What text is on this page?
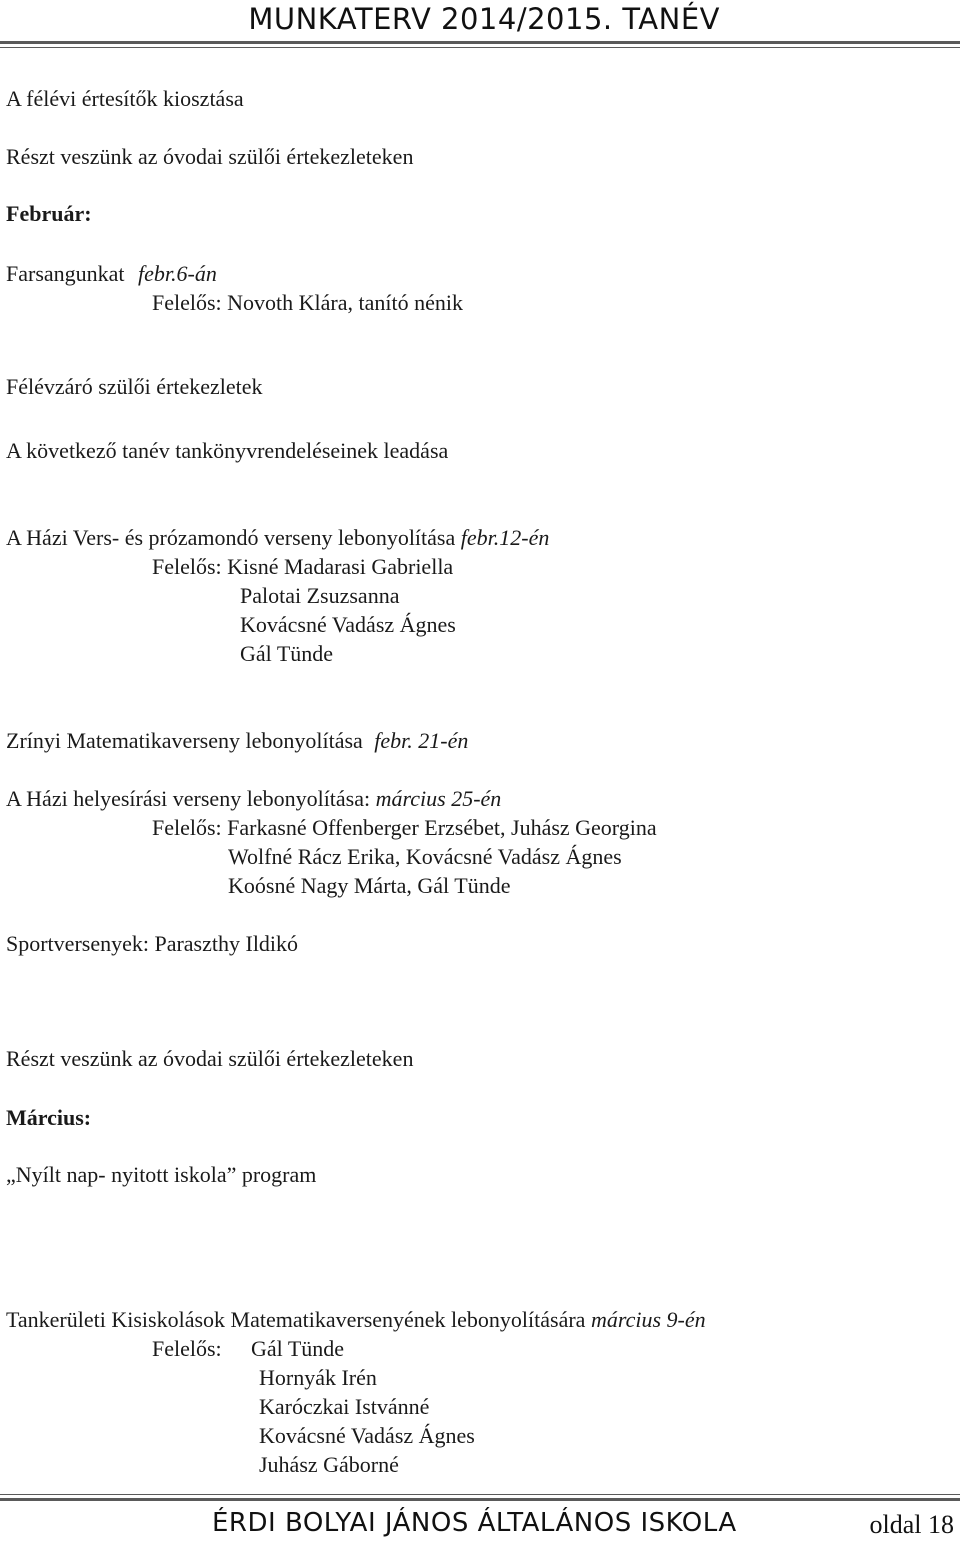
MUNKATERV 2014/2015. TANÉV
A félévi értesítők kiosztása
Részt veszünk az óvodai szülői értekezleteken
Február:
Farsangunkat febr.6-án
Felelős: Novoth Klára, tanító nénik
Félévzáró szülői értekezletek
A következő tanév tankönyvrendeléseinek leadása
A Házi Vers- és prózamondó verseny lebonyolítása febr.12-én
Felelős: Kisné Madarasi Gabriella
Palotai Zsuzsanna
Kovácsné Vadász Ágnes
Gál Tünde
Zrínyi Matematikaverseny lebonyolítása febr. 21-én
A Házi helyesírási verseny lebonyolítása: március 25-én
Felelős: Farkasné Offenberger Erzsébet, Juhász Georgina
Wolfné Rácz Erika, Kovácsné Vadász Ágnes
Koósné Nagy Márta, Gál Tünde
Sportversenyek: Paraszthy Ildikó
Részt veszünk az óvodai szülői értekezleteken
Március:
„Nyílt nap- nyitott iskola” program
Tankerületi Kisiskolások Matematikaversenyének lebonyolítására március 9-én
Felelős: Gál Tünde
Hornyák Irén
Karóczkai Istvánné
Kovácsné Vadász Ágnes
Juhász Gáborné
ÉRDI BOLYAI JÁNOS ÁLTALÁNOS ISKOLA	oldal 18
